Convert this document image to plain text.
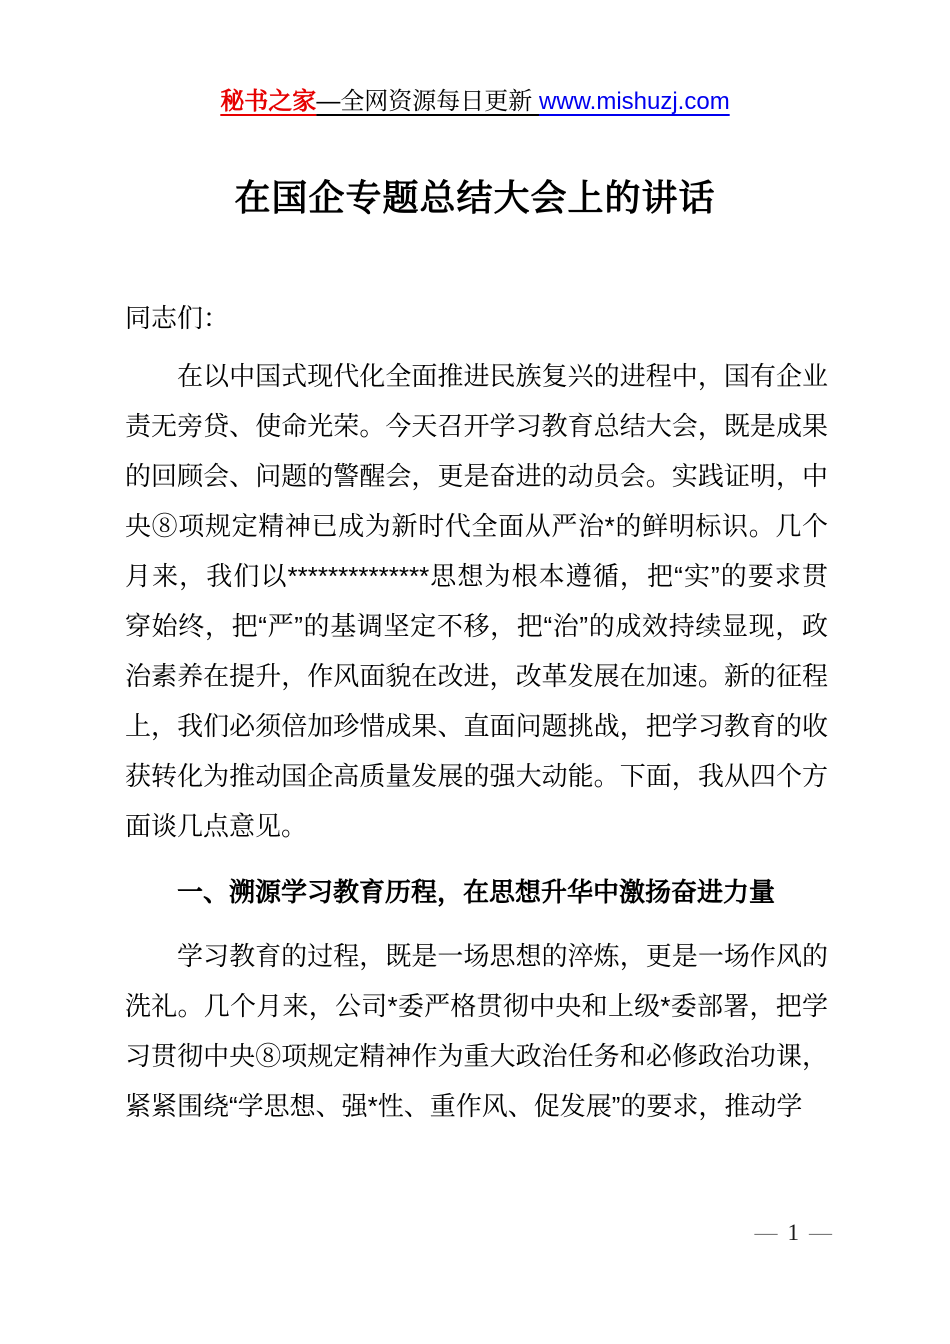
秘书之家—全网资源每日更新 www.mishuzj.com
在国企专题总结大会上的讲话

同志们：

在以中国式现代化全面推进民族复兴的进程中，国有企业责无旁贷、使命光荣。今天召开学习教育总结大会，既是成果的回顾会、问题的警醒会，更是奋进的动员会。实践证明，中央⑧项规定精神已成为新时代全面从严治*的鲜明标识。几个月来，我们以**************思想为根本遵循，把“实”的要求贯穿始终，把“严”的基调坚定不移，把“治”的成效持续显现，政治素养在提升，作风面貌在改进，改革发展在加速。新的征程上，我们必须倍加珍惜成果、直面问题挑战，把学习教育的收获转化为推动国企高质量发展的强大动能。下面，我从四个方面谈几点意见。

一、溯源学习教育历程，在思想升华中激扬奋进力量

学习教育的过程，既是一场思想的淬炼，更是一场作风的洗礼。几个月来，公司*委严格贯彻中央和上级*委部署，把学习贯彻中央⑧项规定精神作为重大政治任务和必修政治功课，紧紧围绕“学思想、强*性、重作风、促发展”的要求，推动学

— 1 —
